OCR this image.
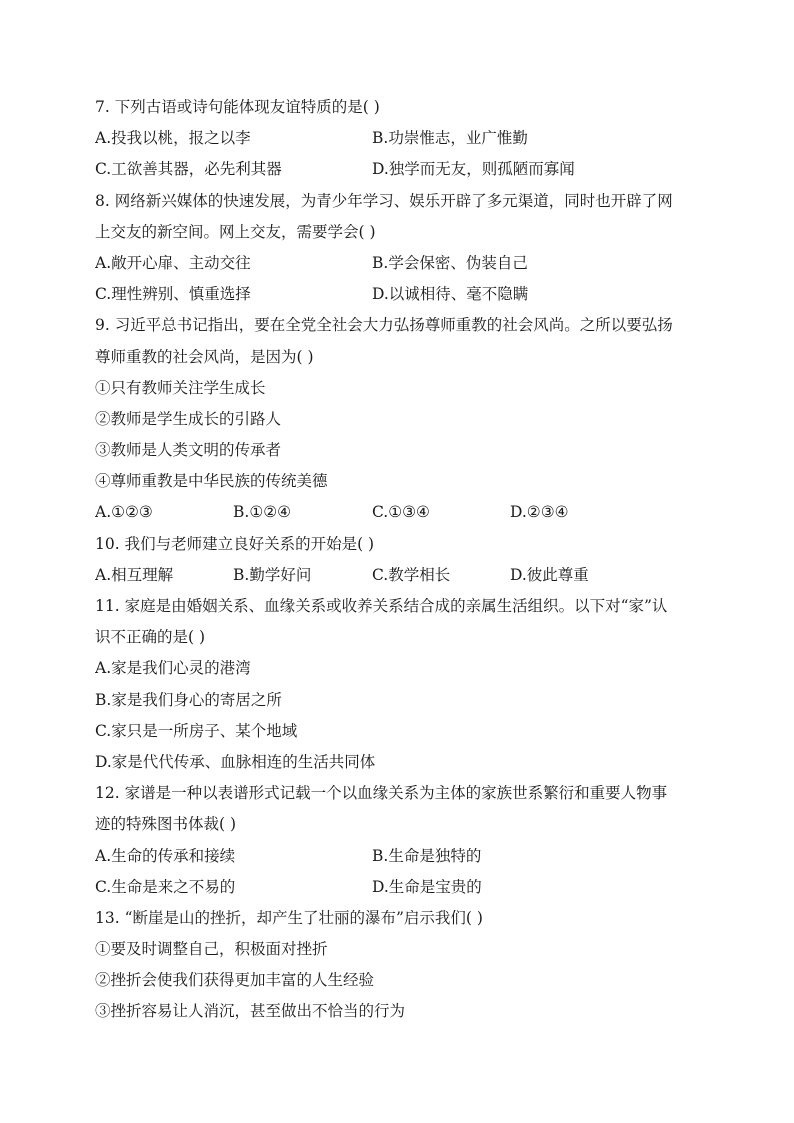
7. 下列古语或诗句能体现友谊特质的是( )
A.投我以桃，报之以李	B.功崇惟志，业广惟勤
C.工欲善其器，必先利其器	D.独学而无友，则孤陋而寡闻
8. 网络新兴媒体的快速发展，为青少年学习、娱乐开辟了多元渠道，同时也开辟了网
上交友的新空间。网上交友，需要学会( )
A.敞开心扉、主动交往	B.学会保密、伪装自己
C.理性辨别、慎重选择	D.以诚相待、毫不隐瞒
9. 习近平总书记指出，要在全党全社会大力弘扬尊师重教的社会风尚。之所以要弘扬
尊师重教的社会风尚，是因为( )
①只有教师关注学生成长
②教师是学生成长的引路人
③教师是人类文明的传承者
④尊师重教是中华民族的传统美德
A.①②③	B.①②④	C.①③④	D.②③④
10. 我们与老师建立良好关系的开始是( )
A.相互理解	B.勤学好问	C.教学相长	D.彼此尊重
11. 家庭是由婚姻关系、血缘关系或收养关系结合成的亲属生活组织。以下对“家”认
识不正确的是( )
A.家是我们心灵的港湾
B.家是我们身心的寄居之所
C.家只是一所房子、某个地域
D.家是代代传承、血脉相连的生活共同体
12. 家谱是一种以表谱形式记载一个以血缘关系为主体的家族世系繁衍和重要人物事
迹的特殊图书体裁( )
A.生命的传承和接续	B.生命是独特的
C.生命是来之不易的	D.生命是宝贵的
13. “断崖是山的挫折，却产生了壮丽的瀑布”启示我们( )
①要及时调整自己，积极面对挫折
②挫折会使我们获得更加丰富的人生经验
③挫折容易让人消沉，甚至做出不恰当的行为
